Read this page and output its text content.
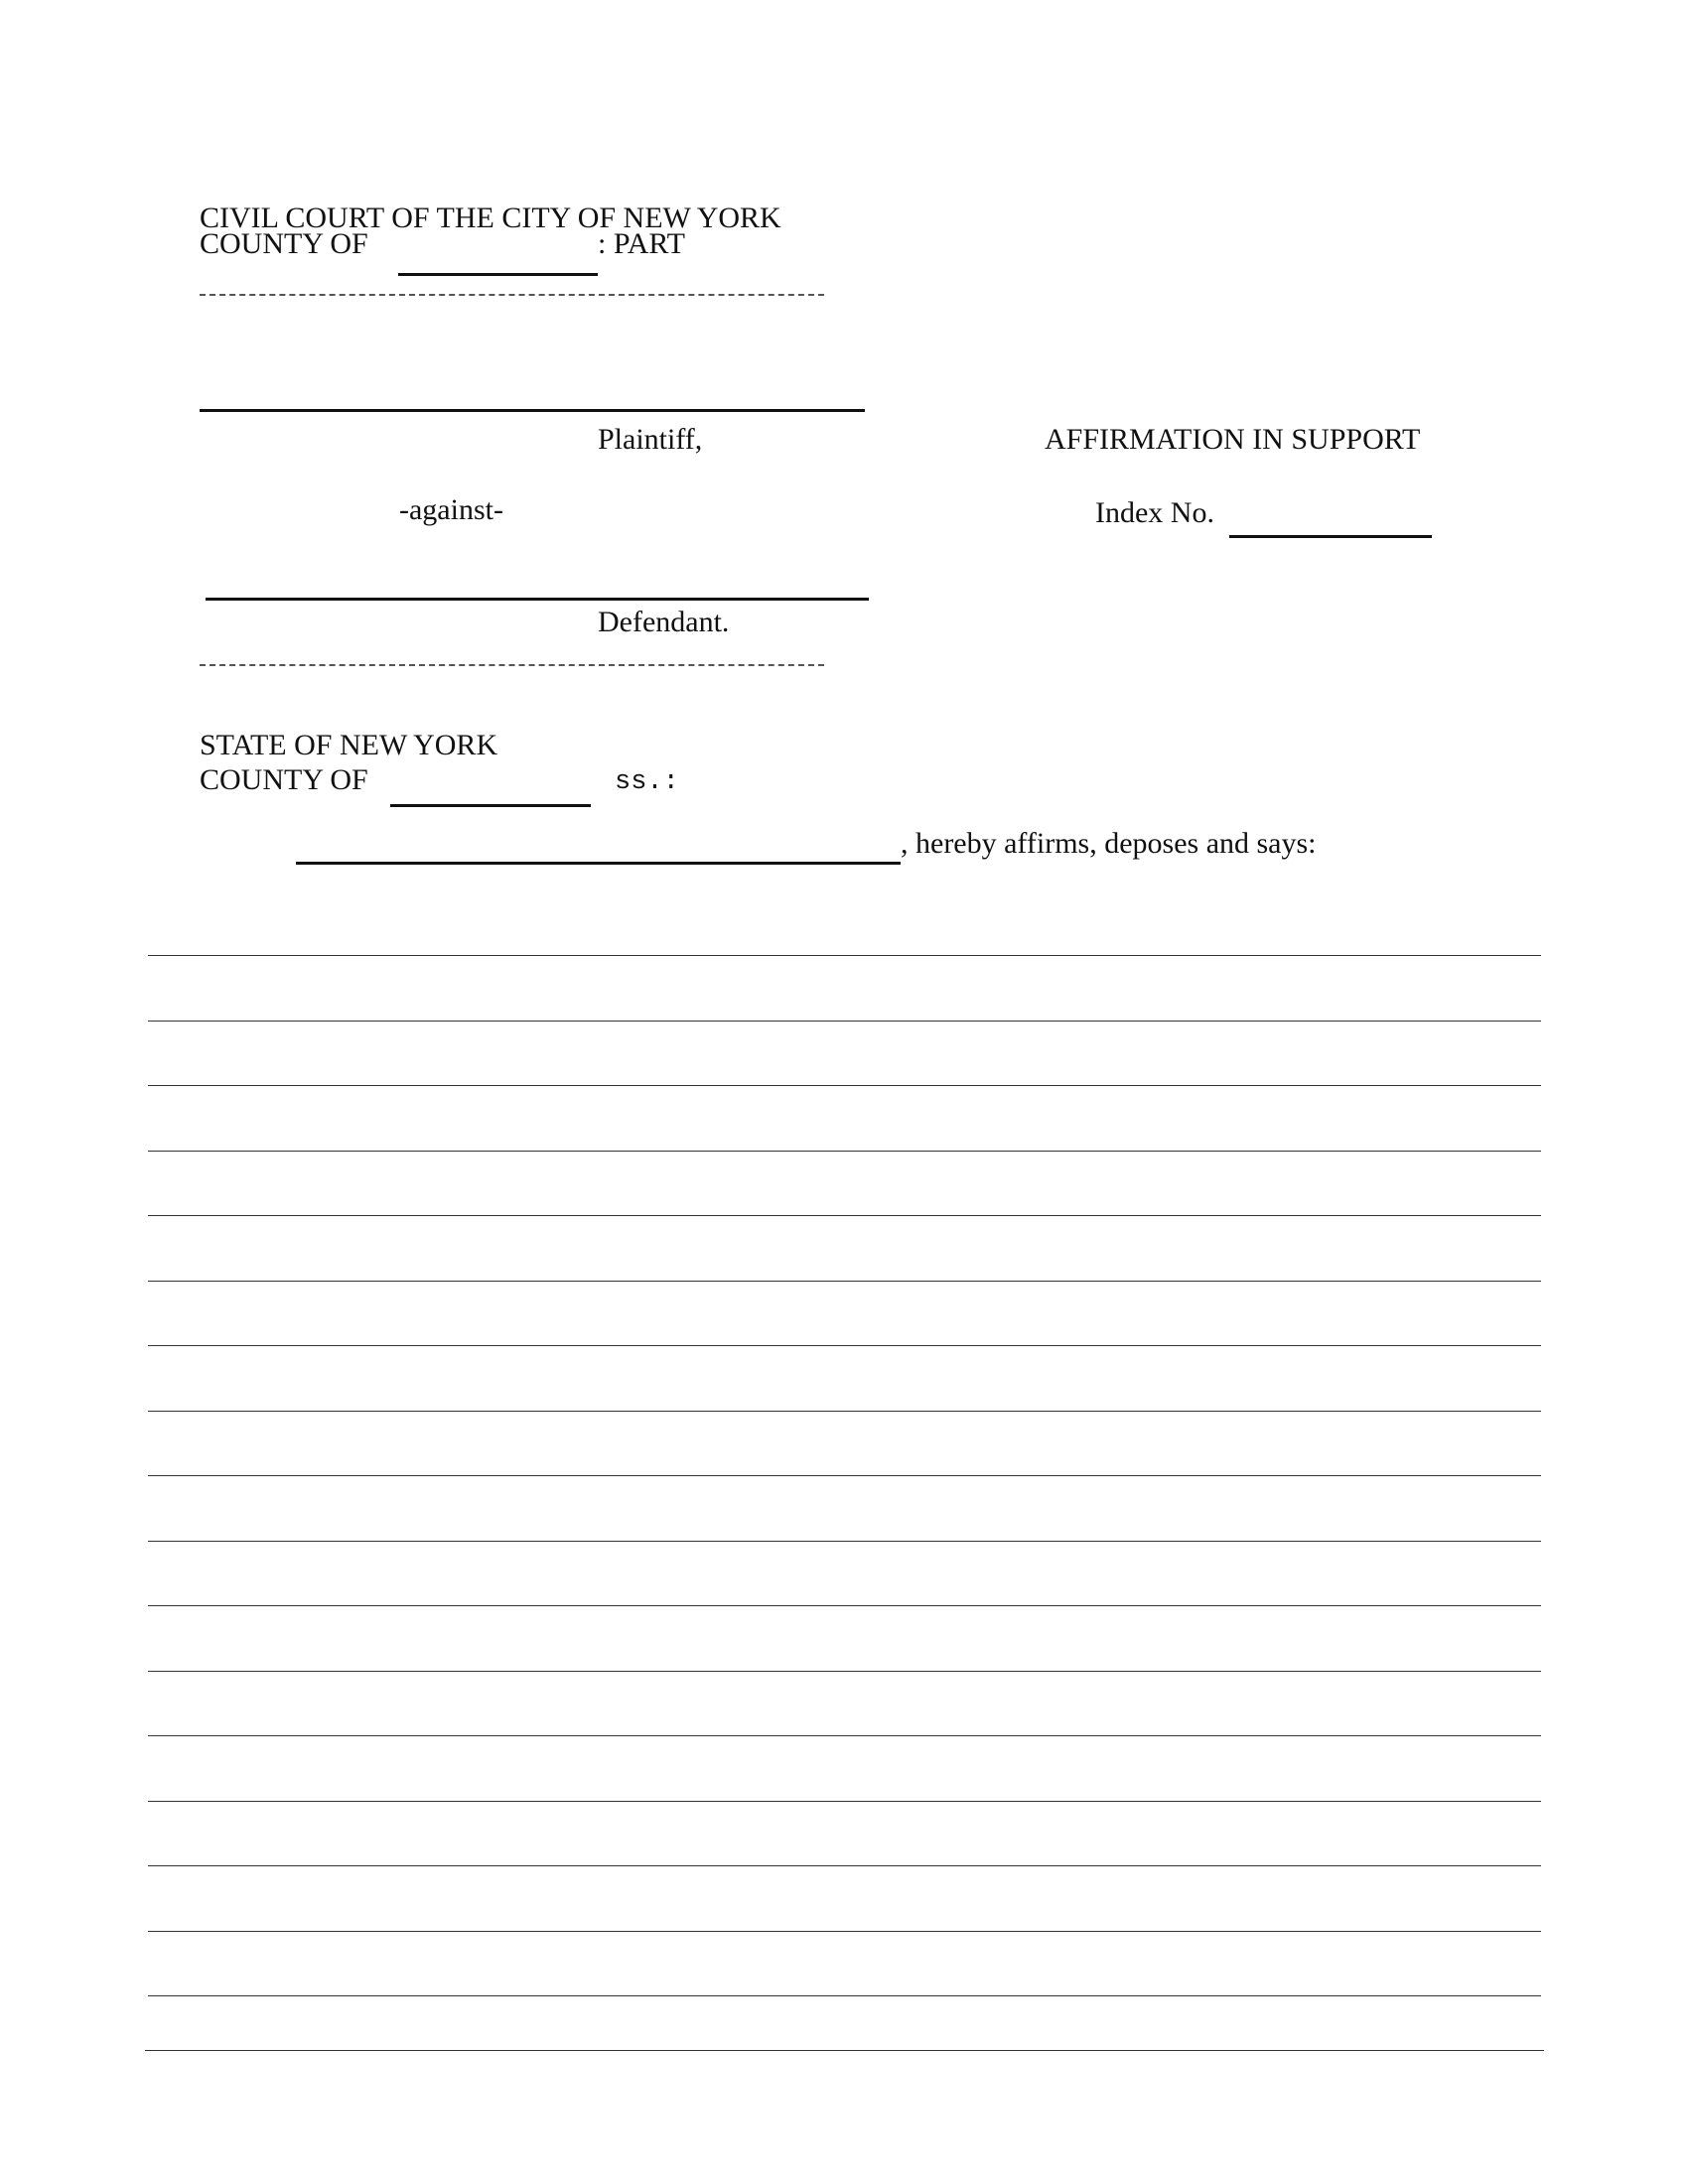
CIVIL COURT OF THE CITY OF NEW YORK
COUNTY OF	: PART
Plaintiff,	AFFIRMATION IN SUPPORT
-against-	Index No.
Defendant.
STATE OF NEW YORK
COUNTY OF	ss.:
, hereby affirms, deposes and says:
